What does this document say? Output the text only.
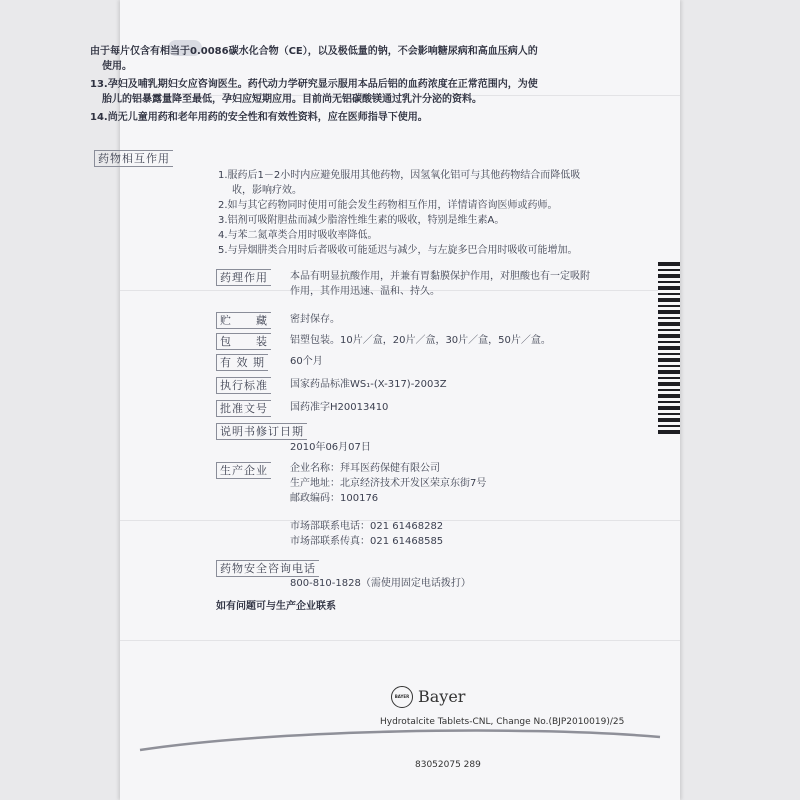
由于每片仅含有相当于0.0086碳水化合物（CE），以及极低量的钠，不会影响糖尿病和高血压病人的使用。

13.孕妇及哺乳期妇女应咨询医生。药代动力学研究显示服用本品后铝的血药浓度在正常范围内，为使胎儿的铝暴露量降至最低，孕妇应短期应用。目前尚无铝碳酸镁通过乳汁分泌的资料。

14.尚无儿童用药和老年用药的安全性和有效性资料，应在医师指导下使用。

药物相互作用

1.服药后1－2小时内应避免服用其他药物，因氢氧化铝可与其他药物结合而降低吸收，影响疗效。

2.如与其它药物同时使用可能会发生药物相互作用，详情请咨询医师或药师。

3.铝剂可吸附胆盐而减少脂溶性维生素的吸收，特别是维生素A。

4.与苯二氮䓬类合用时吸收率降低。

5.与异烟肼类合用时后者吸收可能延迟与减少，与左旋多巴合用时吸收可能增加。

药理作用	本品有明显抗酸作用，并兼有胃黏膜保护作用，对胆酸也有一定吸附作用，其作用迅速、温和、持久。
贮　　藏	密封保存。
包　　装	铝塑包装。10片／盒，20片／盒，30片／盒，50片／盒。
有 效 期	60个月
执行标准	国家药品标准WS₁-(X-317)-2003Z
批准文号	国药准字H20013410
说明书修订日期
2010年06月07日
生产企业	企业名称：拜耳医药保健有限公司
生产地址：北京经济技术开发区荣京东街7号
邮政编码：100176
市场部联系电话：021 61468282
市场部联系传真：021 61468585
药物安全咨询电话
800-810-1828（需使用固定电话拨打）
如有问题可与生产企业联系
BAYER Bayer
Hydrotalcite Tablets-CNL, Change No.(BJP2010019)/25
83052075 289
